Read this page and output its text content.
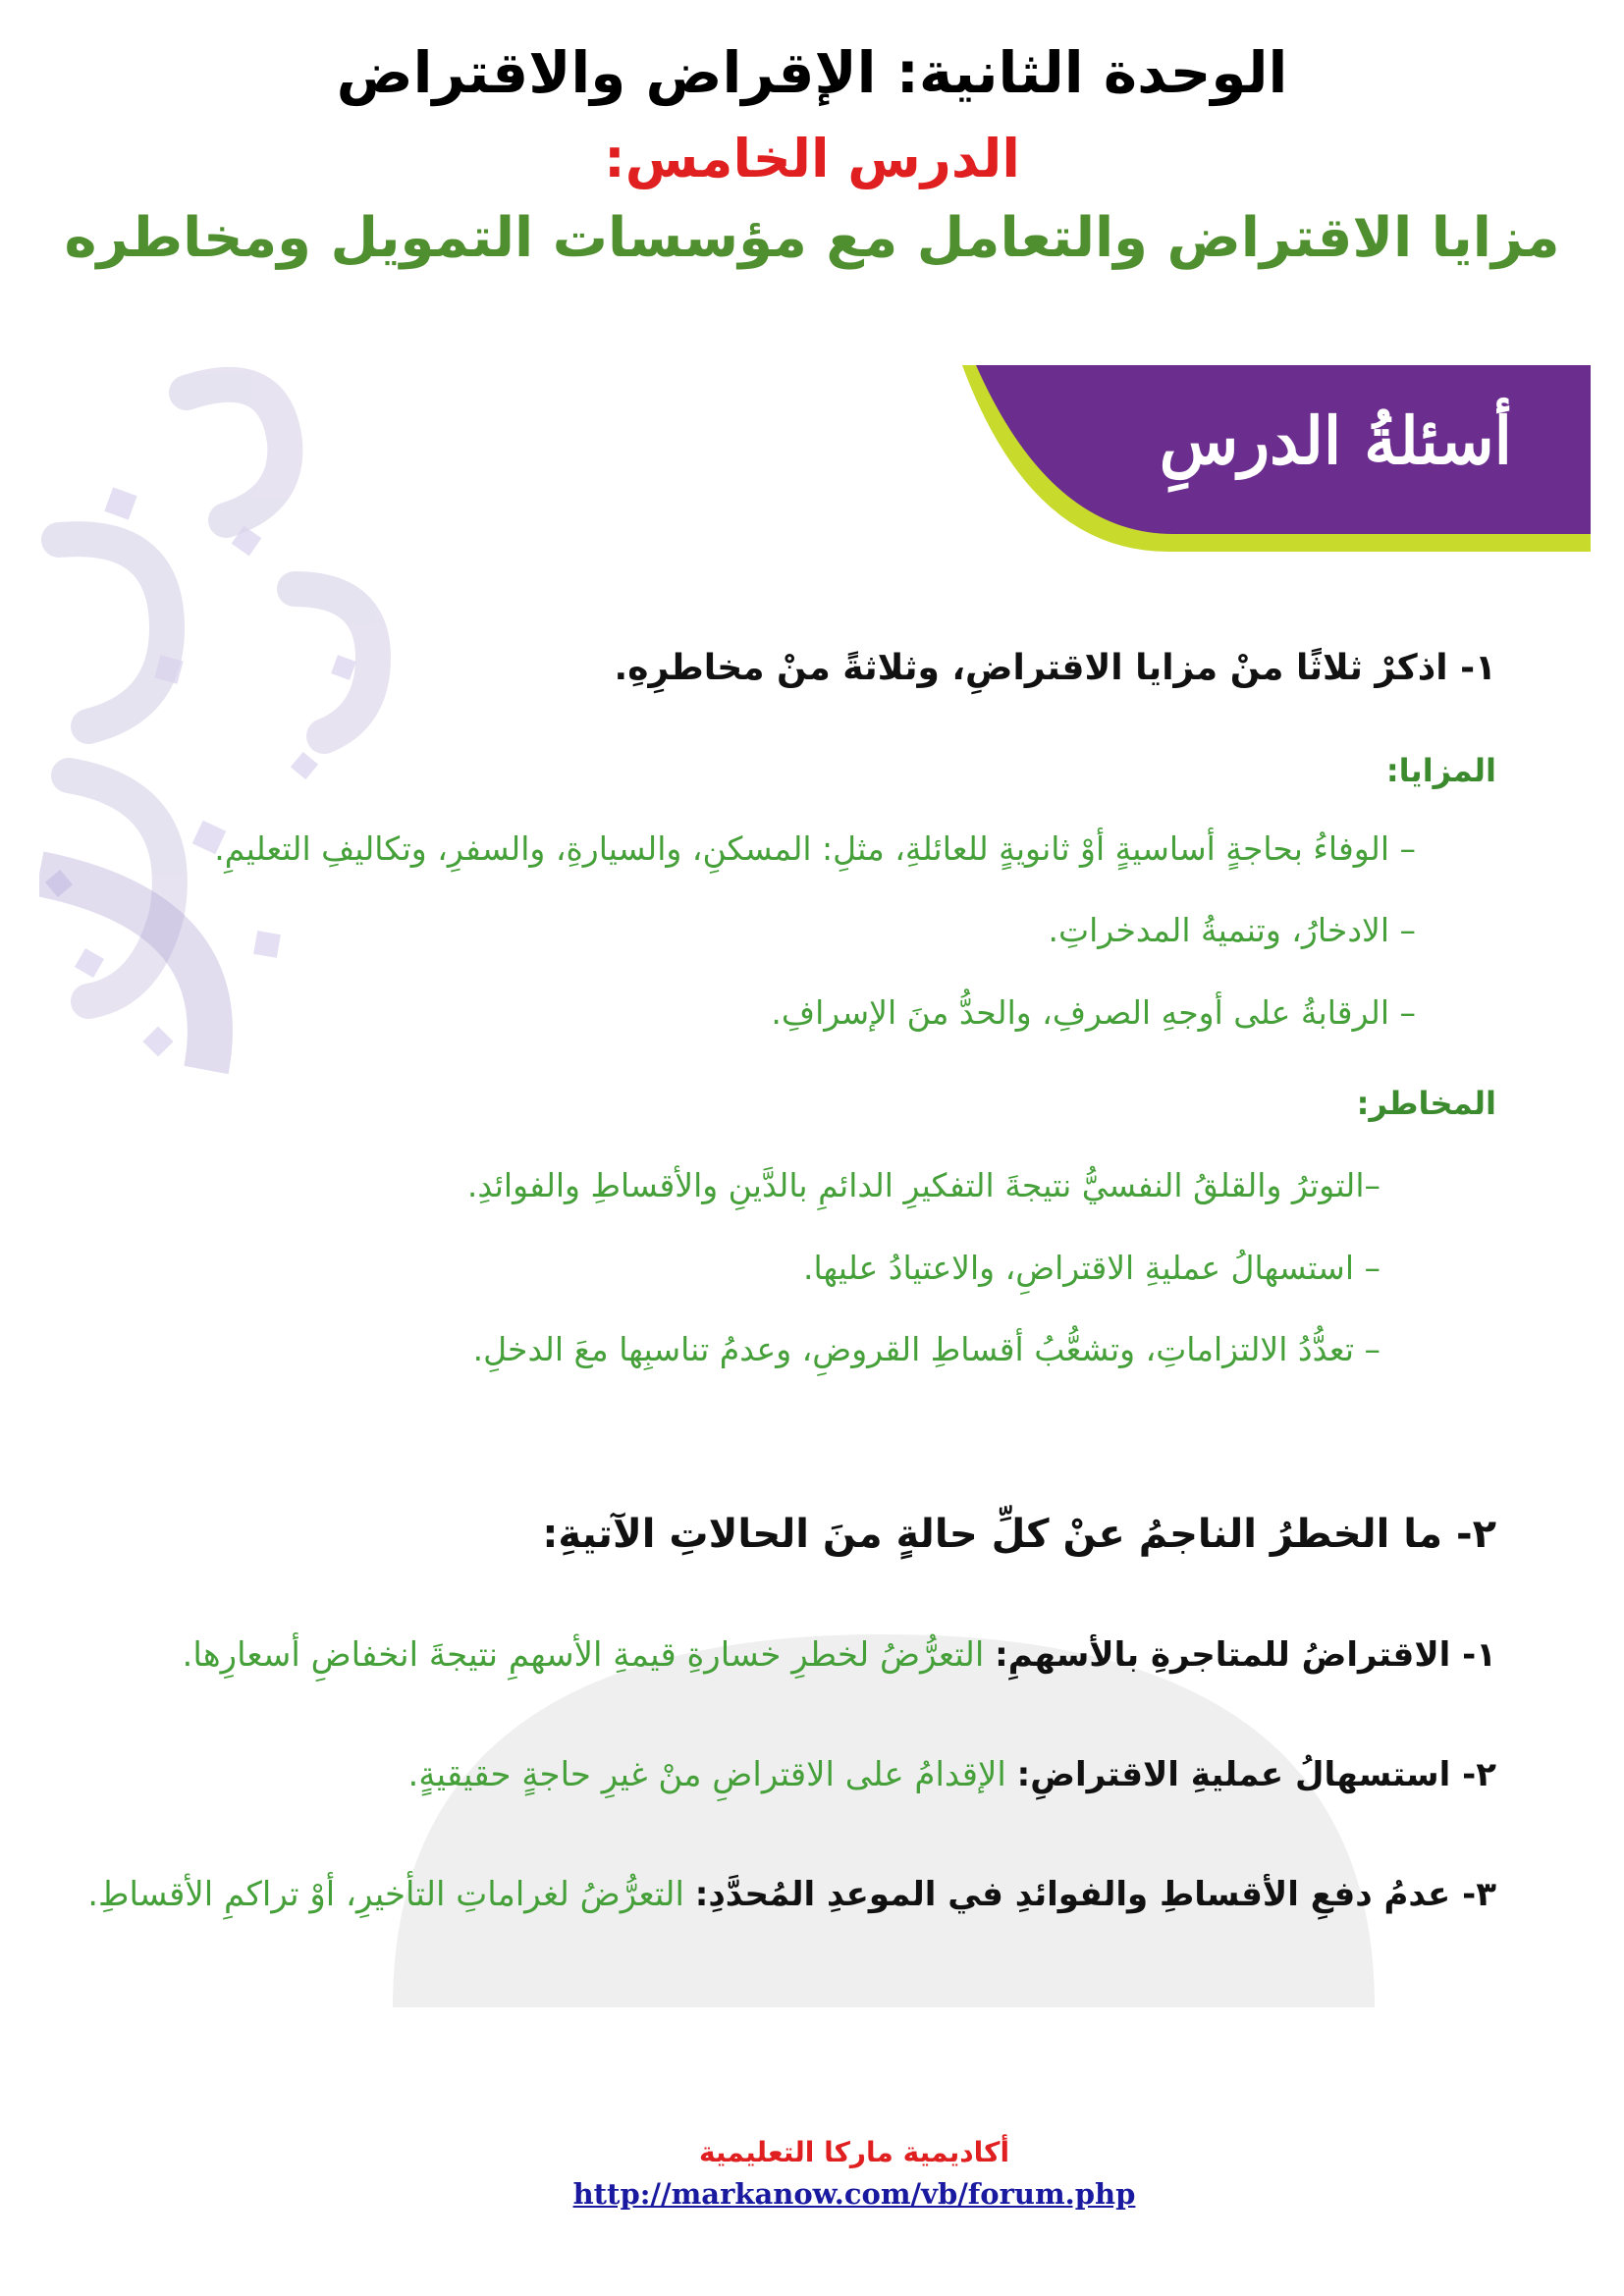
الوحدة الثانية: الإقراض والاقتراض
الدرس الخامس:
مزايا الاقتراض والتعامل مع مؤسسات التمويل ومخاطره
أسئلةُ الدرسِ
١- اذكرْ ثلاثًا منْ مزايا الاقتراضِ، وثلاثةً منْ مخاطرِهِ.
المزايا:
– الوفاءُ بحاجةٍ أساسيةٍ أوْ ثانويةٍ للعائلةِ، مثلِ: المسكنِ، والسيارةِ، والسفرِ، وتكاليفِ التعليمِ.
– الادخارُ، وتنميةُ المدخراتِ.
– الرقابةُ على أوجهِ الصرفِ، والحدُّ منَ الإسرافِ.
المخاطر:
–التوترُ والقلقُ النفسيُّ نتيجةَ التفكيرِ الدائمِ بالدَّينِ والأقساطِ والفوائدِ.
– استسهالُ عمليةِ الاقتراضِ، والاعتيادُ عليها.
– تعدُّدُ الالتزاماتِ، وتشعُّبُ أقساطِ القروضِ، وعدمُ تناسبِها معَ الدخلِ.
٢- ما الخطرُ الناجمُ عنْ كلِّ حالةٍ منَ الحالاتِ الآتيةِ:
١- الاقتراضُ للمتاجرةِ بالأسهمِ: التعرُّضُ لخطرِ خسارةِ قيمةِ الأسهمِ نتيجةَ انخفاضِ أسعارِها.
٢- استسهالُ عمليةِ الاقتراضِ: الإقدامُ على الاقتراضِ منْ غيرِ حاجةٍ حقيقيةٍ.
٣- عدمُ دفعِ الأقساطِ والفوائدِ في الموعدِ المُحدَّدِ: التعرُّضُ لغراماتِ التأخيرِ، أوْ تراكمِ الأقساطِ.
أكاديمية ماركا التعليمية
http://markanow.com/vb/forum.php
